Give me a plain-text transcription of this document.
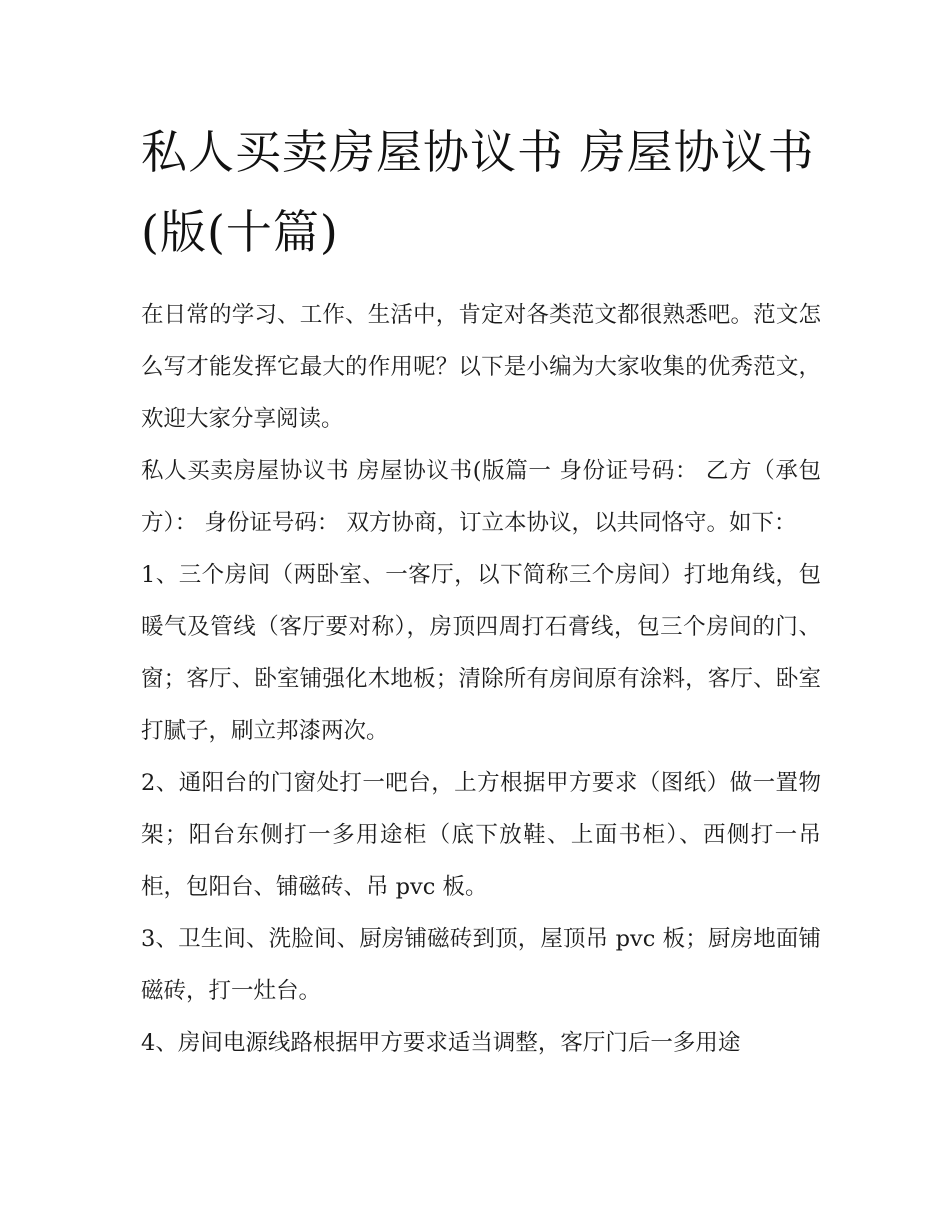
私人买卖房屋协议书 房屋协议书(版(十篇)

在日常的学习、工作、生活中，肯定对各类范文都很熟悉吧。范文怎么写才能发挥它最大的作用呢？以下是小编为大家收集的优秀范文，欢迎大家分享阅读。

私人买卖房屋协议书 房屋协议书(版篇一 身份证号码： 乙方（承包方）： 身份证号码： 双方协商，订立本协议，以共同恪守。如下：

1、三个房间（两卧室、一客厅，以下简称三个房间）打地角线，包暖气及管线（客厅要对称），房顶四周打石膏线，包三个房间的门、窗；客厅、卧室铺强化木地板；清除所有房间原有涂料，客厅、卧室打腻子，刷立邦漆两次。

2、通阳台的门窗处打一吧台，上方根据甲方要求（图纸）做一置物架；阳台东侧打一多用途柜（底下放鞋、上面书柜）、西侧打一吊柜，包阳台、铺磁砖、吊 pvc 板。

3、卫生间、洗脸间、厨房铺磁砖到顶，屋顶吊 pvc 板；厨房地面铺磁砖，打一灶台。

4、房间电源线路根据甲方要求适当调整，客厅门后一多用途
